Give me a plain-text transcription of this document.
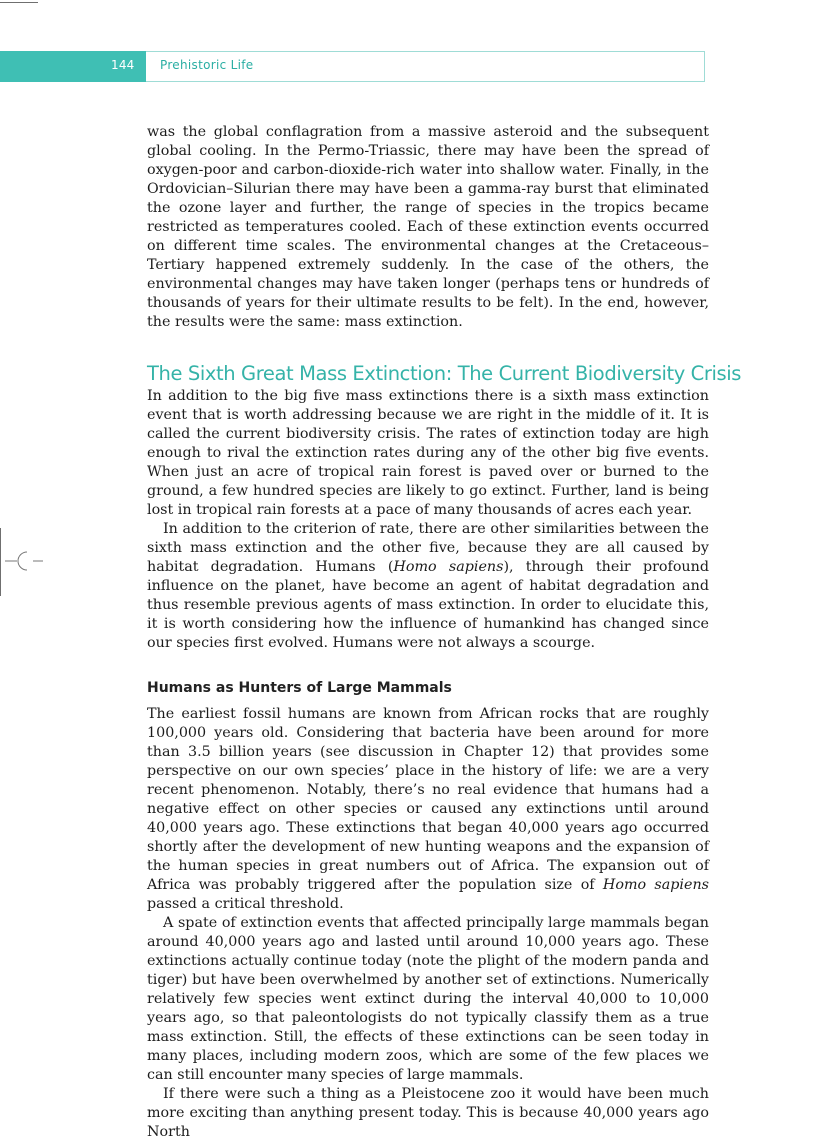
144	Prehistoric Life

was the global conflagration from a massive asteroid and the subsequent global cooling. In the Permo-Triassic, there may have been the spread of oxygen-poor and carbon-dioxide-rich water into shallow water. Finally, in the Ordovician–Silurian there may have been a gamma-ray burst that eliminated the ozone layer and further, the range of species in the tropics became restricted as temperatures cooled. Each of these extinction events occurred on different time scales. The environmental changes at the Cretaceous–Tertiary happened extremely suddenly. In the case of the others, the environmental changes may have taken longer (perhaps tens or hundreds of thousands of years for their ultimate results to be felt). In the end, however, the results were the same: mass extinction.

The Sixth Great Mass Extinction: The Current Biodiversity Crisis

In addition to the big five mass extinctions there is a sixth mass extinction event that is worth addressing because we are right in the middle of it. It is called the current biodiversity crisis. The rates of extinction today are high enough to rival the extinction rates during any of the other big five events. When just an acre of tropical rain forest is paved over or burned to the ground, a few hundred species are likely to go extinct. Further, land is being lost in tropical rain forests at a pace of many thousands of acres each year.

In addition to the criterion of rate, there are other similarities between the sixth mass extinction and the other five, because they are all caused by habitat degradation. Humans (Homo sapiens), through their profound influence on the planet, have become an agent of habitat degradation and thus resemble previous agents of mass extinction. In order to elucidate this, it is worth considering how the influence of humankind has changed since our species first evolved. Humans were not always a scourge.

Humans as Hunters of Large Mammals

The earliest fossil humans are known from African rocks that are roughly 100,000 years old. Considering that bacteria have been around for more than 3.5 billion years (see discussion in Chapter 12) that provides some perspective on our own species’ place in the history of life: we are a very recent phenomenon. Notably, there’s no real evidence that humans had a negative effect on other species or caused any extinctions until around 40,000 years ago. These extinctions that began 40,000 years ago occurred shortly after the development of new hunting weapons and the expansion of the human species in great numbers out of Africa. The expansion out of Africa was probably triggered after the population size of Homo sapiens passed a critical threshold.

A spate of extinction events that affected principally large mammals began around 40,000 years ago and lasted until around 10,000 years ago. These extinctions actually continue today (note the plight of the modern panda and tiger) but have been overwhelmed by another set of extinctions. Numerically relatively few species went extinct during the interval 40,000 to 10,000 years ago, so that paleontologists do not typically classify them as a true mass extinction. Still, the effects of these extinctions can be seen today in many places, including modern zoos, which are some of the few places we can still encounter many species of large mammals.

If there were such a thing as a Pleistocene zoo it would have been much more exciting than anything present today. This is because 40,000 years ago North
